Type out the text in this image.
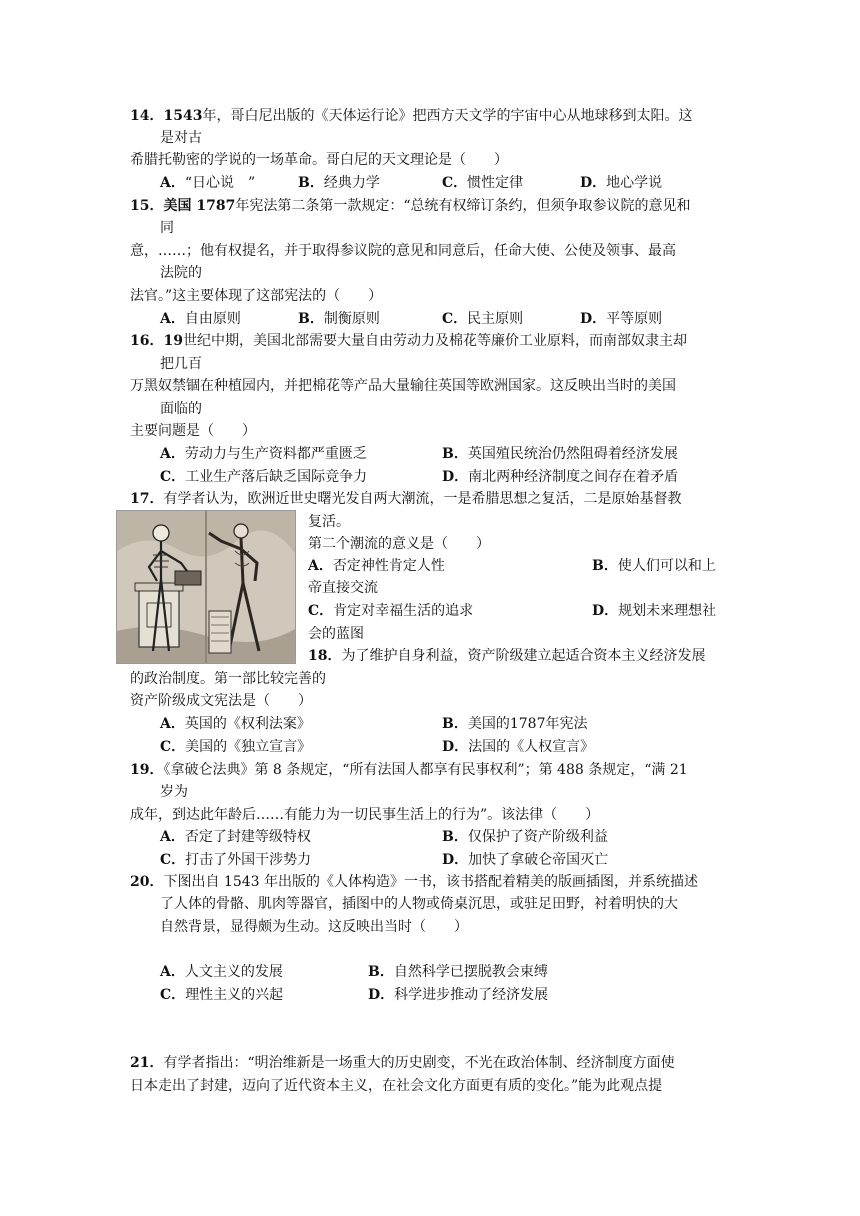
14．1543年，哥白尼出版的《天体运行论》把西方天文学的宇宙中心从地球移到太阳。这
是对古
希腊托勒密的学说的一场革命。哥白尼的天文理论是（　　）
A．“日心说　”	B．经典力学	C．惯性定律	D．地心学说
15．美国 1787年宪法第二条第一款规定：“总统有权缔订条约，但须争取参议院的意见和
同
意，……；他有权提名，并于取得参议院的意见和同意后，任命大使、公使及领事、最高
法院的
法官。”这主要体现了这部宪法的（　　）
A．自由原则	B．制衡原则	C．民主原则	D．平等原则
16．19世纪中期，美国北部需要大量自由劳动力及棉花等廉价工业原料，而南部奴隶主却
把几百
万黑奴禁锢在种植园内，并把棉花等产品大量输往英国等欧洲国家。这反映出当时的美国
面临的
主要问题是（　　）
A．劳动力与生产资料都严重匮乏	B．英国殖民统治仍然阻碍着经济发展
C．工业生产落后缺乏国际竞争力	D．南北两种经济制度之间存在着矛盾
17．有学者认为，欧洲近世史曙光发自两大潮流，一是希腊思想之复活，二是原始基督教
复活。
第二个潮流的意义是（　　）
A．否定神性肯定人性	B．使人们可以和上
帝直接交流
C．肯定对幸福生活的追求	D．规划未来理想社
会的蓝图
18．为了维护自身利益，资产阶级建立起适合资本主义经济发展
的政治制度。第一部比较完善的
资产阶级成文宪法是（　　）
A．英国的《权利法案》	B．美国的1787年宪法
C．美国的《独立宣言》	D．法国的《人权宣言》
19．《拿破仑法典》第 8 条规定，“所有法国人都享有民事权利”；第 488 条规定，“满 21
岁为
成年，到达此年龄后……有能力为一切民事生活上的行为”。该法律（　　）
A．否定了封建等级特权	B．仅保护了资产阶级利益
C．打击了外国干涉势力	D．加快了拿破仑帝国灭亡
20．下图出自 1543 年出版的《人体构造》一书，该书搭配着精美的版画插图，并系统描述
了人体的骨骼、肌肉等器官，插图中的人物或倚桌沉思，或驻足田野，衬着明快的大
自然背景，显得颇为生动。这反映出当时（　　）
A．人文主义的发展	B．自然科学已摆脱教会束缚
C．理性主义的兴起	D．科学进步推动了经济发展
21．有学者指出：“明治维新是一场重大的历史剧变，不光在政治体制、经济制度方面使
日本走出了封建，迈向了近代资本主义，在社会文化方面更有质的变化。”能为此观点提
